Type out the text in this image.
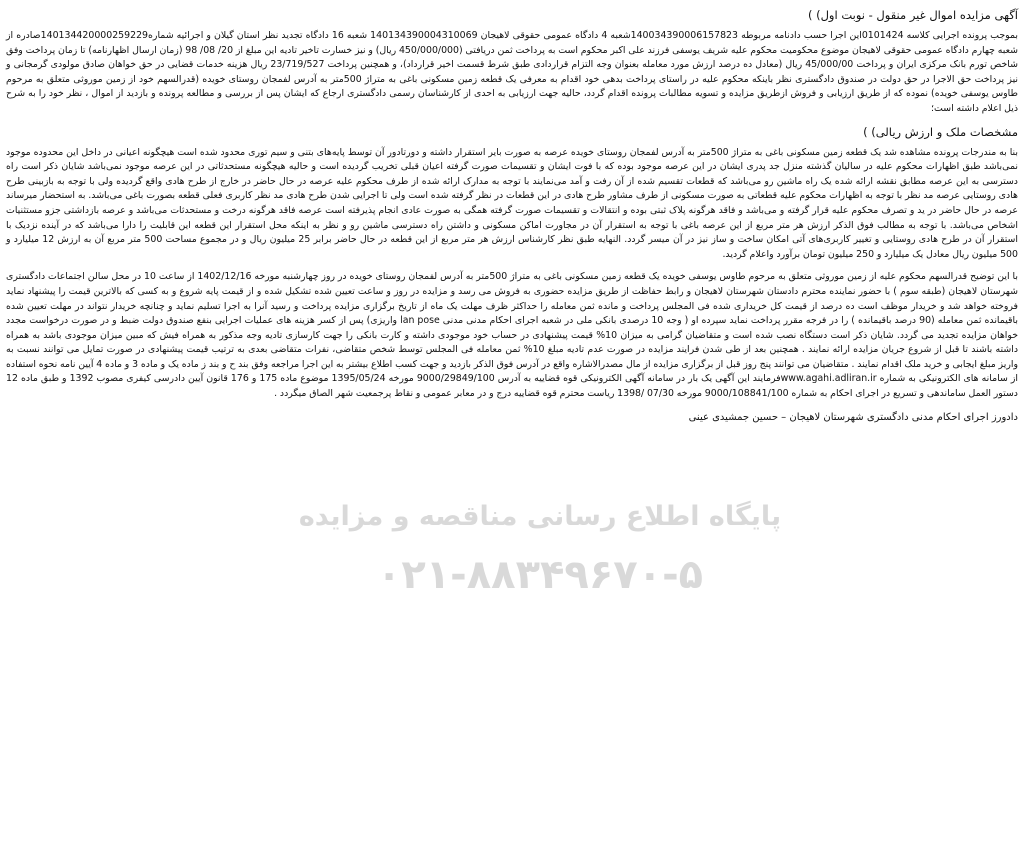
آگهی مزایده اموال غیر منقول - نوبت اول) )

بموجب پرونده اجرایی کلاسه 0101424این اجرا حسب دادنامه مربوطه 140034390006157823شعبه 4 دادگاه عمومی حقوقی لاهیجان 140134390004310069 شعبه 16 دادگاه تجدید نظر استان گیلان و اجرائیه شماره140134420000259229صادره از شعبه چهارم دادگاه عمومی حقوقی لاهیجان موضوع محکومیت محکوم علیه شریف یوسفی فرزند علی اکبر محکوم است به پرداخت ثمن دریافتی (450/000/000 ریال) و نیز خسارت تاخیر تادیه این مبلغ از 20/ 08/ 98 (زمان ارسال اظهارنامه) تا زمان پرداخت وفق شاخص تورم بانک مرکزی ایران و پرداخت 45/000/00 ریال (معادل ده درصد ارزش مورد معامله بعنوان وجه التزام قراردادی طبق شرط قسمت اخیر قرارداد)، و همچنین پرداخت 23/719/527 ریال هزینه خدمات قضایی در حق خواهان صادق مولودی گرمجانی و نیز پرداخت حق الاجرا در حق دولت در صندوق دادگستری نظر باینکه محکوم علیه در راستای پرداخت بدهی خود اقدام به معرفی یک قطعه زمین مسکونی باغی به متراژ 500متر به آدرس لفمجان روستای خویده (قدرالسهم خود از زمین موروثی متعلق به مرحوم طاوس یوسفی خویده) نموده که از طریق ارزیابی و فروش ازطریق مزایده و تسویه مطالبات پرونده اقدام گردد، حالیه جهت ارزیابی به احدی از کارشناسان رسمی دادگستری ارجاع که ایشان پس از بررسی و مطالعه پرونده و بازدید از اموال ، نظر خود را به شرح ذیل اعلام داشته است؛

مشخصات ملک و ارزش ریالی) )

بنا به مندرجات پرونده مشاهده شد یک قطعه زمین مسکونی باغی به متراژ 500متر به آدرس لفمجان روستای خویده عرصه به صورت بایر استقرار داشته و دورتادور آن توسط پایه‌های بتنی و سیم توری محدود شده است هیچگونه اعیانی در داخل این محدوده موجود نمی‌باشد طبق اظهارات محکوم علیه در سالیان گذشته منزل جد پدری ایشان در این عرصه موجود بوده که با فوت ایشان و تقسیمات صورت گرفته اعیان قبلی تخریب گردیده است و حالیه هیچگونه مستحدثاتی در این عرصه موجود نمی‌باشد شایان ذکر است راه دسترسی به این عرصه مطابق نقشه ارائه شده یک راه ماشین رو می‌باشد که قطعات تقسیم شده از آن رفت و آمد می‌نمایند با توجه به مدارک ارائه شده از طرف محکوم علیه عرصه در حال حاضر در خارج از طرح هادی واقع گردیده ولی با توجه به بازبینی طرح هادی روستایی عرصه مد نظر با توجه به اظهارات محکوم علیه قطعاتی به صورت مسکونی از طرف مشاور طرح هادی در این قطعات در نظر گرفته شده است ولی تا اجرایی شدن طرح هادی مد نظر کاربری فعلی قطعه بصورت باغی می‌باشد. به استحضار میرساند عرصه در حال حاضر در ید و تصرف محکوم علیه قرار گرفته و می‌باشد و فاقد هرگونه پلاک ثبتی بوده و انتقالات و تقسیمات صورت گرفته همگی به صورت عادی انجام پذیرفته است عرصه فاقد هرگونه درخت و مستحدثات می‌باشد و عرصه بازداشتی جزو مستثنیات اشخاص می‌باشد. با توجه به مطالب فوق الذکر ارزش هر متر مربع از این عرصه باغی با توجه به استقرار آن در مجاورت اماکن مسکونی و داشتن راه دسترسی ماشین رو و نظر به اینکه محل استقرار این قطعه این قابلیت را دارا می‌باشد که در آینده نزدیک با استقرار آن در طرح هادی روستایی و تغییر کاربری‌های آتی امکان ساخت و ساز نیز در آن میسر گردد. النهایه طبق نظر کارشناس ارزش هر متر مربع از این قطعه در حال حاضر برابر 25 میلیون ریال و در مجموع مساحت 500 متر مربع آن به ارزش 12 میلیارد و 500 میلیون ریال معادل یک میلیارد و 250 میلیون تومان برآورد واعلام گردید.

با این توضیح قدرالسهم محکوم علیه از زمین موروثی متعلق به مرحوم طاوس یوسفی خویده یک قطعه زمین مسکونی باغی به متراژ 500متر به آدرس لفمجان روستای خویده در روز چهارشنبه مورخه 1402/12/16 از ساعت 10 در محل سالن اجتماعات دادگستری شهرستان لاهیجان (طبقه سوم ) با حضور نماینده محترم دادستان شهرستان لاهیجان و رابط حفاظت از طریق مزایده حضوری به فروش می رسد و مزایده در روز و ساعت تعیین شده تشکیل شده و از قیمت پایه شروع و به کسی که بالاترین قیمت را پیشنهاد نماید فروخته خواهد شد و خریدار موظف است ده درصد از قیمت کل خریداری شده فی المجلس پرداخت و مانده ثمن معامله را حداکثر ظرف مهلت یک ماه از تاریخ برگزاری مزایده پرداخت و رسید آنرا به اجرا تسلیم نماید و چنانچه خریدار نتواند در مهلت تعیین شده باقیمانده ثمن معامله (90 درصد باقیمانده ) را در فرجه مقرر پرداخت نماید سپرده او ( وجه 10 درصدی بانکی ملی در شعبه اجرای احکام مدنی مدنی lan pose واریزی) پس از کسر هزینه های عملیات اجرایی بنفع صندوق دولت ضبط و در صورت درخواست مجدد خواهان مزایده تجدید می گردد. شایان ذکر است دستگاه نصب شده است و متقاضیان گرامی به میزان 10% قیمت پیشنهادی در حساب خود موجودی داشته و کارت بانکی را جهت کارسازی تادیه وجه مذکور به همراه فیش که مبین میزان موجودی باشد به همراه داشته باشند تا قبل از شروع جریان مزایده ارائه نمایند . همچنین بعد از طی شدن فرایند مزایده در صورت عدم تادیه مبلغ 10% ثمن معامله فی المجلس توسط شخص متقاضی، نفرات متقاضی بعدی به ترتیب قیمت پیشنهادی در صورت تمایل می توانند نسبت به واریز مبلغ ایجابی و خرید ملک اقدام نمایند . متقاضیان می توانند پنج روز قبل از برگزاری مزایده از مال مصدرالاشاره واقع در آدرس فوق الذکر بازدید و جهت کسب اطلاع بیشتر به این اجرا مراجعه وفق بند ح و بند ز ماده یک و ماده 3 و ماده 4 آیین نامه نحوه استفاده از سامانه های الکترونیکی به شماره www.agahi.adliran.irفرمایند این آگهی یک بار در سامانه آگهی الکترونیکی قوه قضاییه به آدرس 9000/29849/100 مورخه 1395/05/24 موضوع ماده 175 و 176 قانون آیین دادرسی کیفری مصوب 1392 و طبق ماده 12 دستور العمل ساماندهی و تسریع در اجرای احکام به شماره 9000/108841/100 مورخه 07/30 /1398 ریاست محترم قوه قضاییه درج و در معابر عمومی و نقاط پرجمعیت شهر الصاق میگردد .

دادورز اجرای احکام مدنی دادگستری شهرستان لاهیجان – حسین جمشیدی عینی
پایگاه اطلاع رسانی مناقصه و مزایده
۰۲۱-۸۸۳۴۹۶۷۰-۵
